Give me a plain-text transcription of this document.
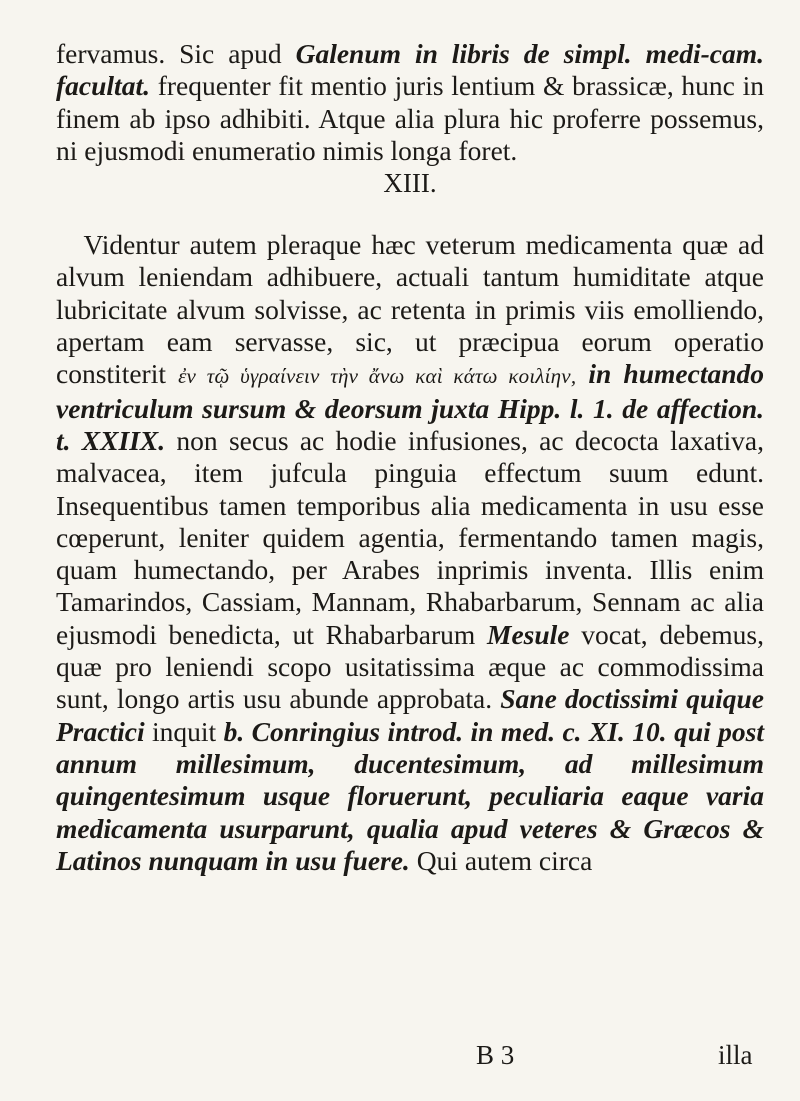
fervamus. Sic apud Galenum in libris de simpl. medi-cam. facultat. frequenter fit mentio juris lentium & brassicæ, hunc in finem ab ipso adhibiti. Atque alia plura hic proferre possemus, ni ejusmodi enumeratio nimis longa foret.

XIII.

 Videntur autem pleraque hæc veterum medicamenta quæ ad alvum leniendam adhibuere, actuali tantum humiditate atque lubricitate alvum solvisse, ac retenta in primis viis emolliendo, apertam eam servasse, sic, ut præcipua eorum operatio constiterit ἐν τῷ ὑγραίνειν τὴν ἄνω καὶ κάτω κοιλίην, in humectando ventriculum sursum & deorsum juxta Hipp. l. 1. de affection. t. XXIIX. non secus ac hodie infusiones, ac decocta laxativa, malvacea, item jufcula pinguia effectum suum edunt. Insequentibus tamen temporibus alia medicamenta in usu esse cœperunt, leniter quidem agentia, fermentando tamen magis, quam humectando, per Arabes inprimis inventa. Illis enim Tamarindos, Cassiam, Mannam, Rhabarbarum, Sennam ac alia ejusmodi benedicta, ut Rhabarbarum Mesule vocat, debemus, quæ pro leniendi scopo usitatissima æque ac commodissima sunt, longo artis usu abunde approbata. Sane doctissimi quique Practici inquit b. Conringius introd. in med. c. XI. 10. qui post annum millesimum, ducentesimum, ad millesimum quingentesimum usque floruerunt, peculiaria eaque varia medicamenta usurparunt, qualia apud veteres & Græcos & Latinos nunquam in usu fuere. Qui autem circa

B 3	illa
